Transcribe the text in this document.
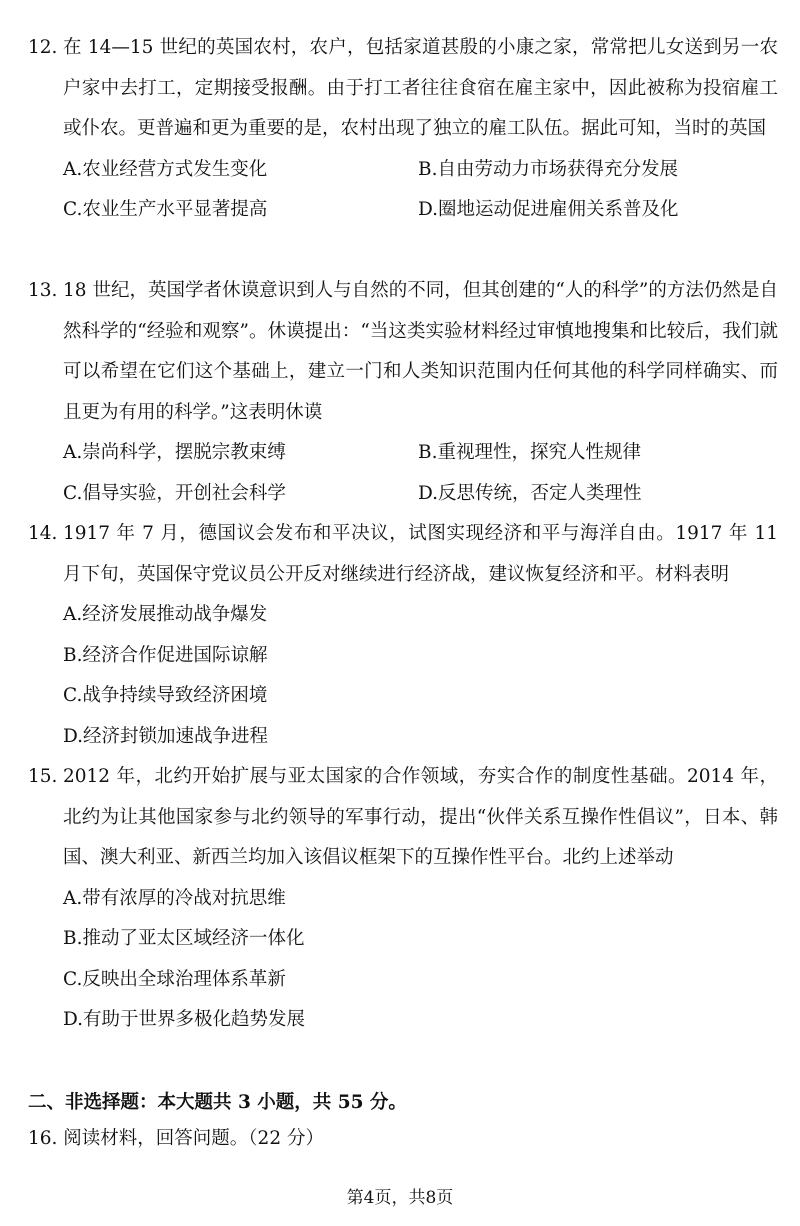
12. 在 14—15 世纪的英国农村，农户，包括家道甚殷的小康之家，常常把儿女送到另一农户家中去打工，定期接受报酬。由于打工者往往食宿在雇主家中，因此被称为投宿雇工或仆农。更普遍和更为重要的是，农村出现了独立的雇工队伍。据此可知，当时的英国

A.农业经营方式发生变化	B.自由劳动力市场获得充分发展
C.农业生产水平显著提高	D.圈地运动促进雇佣关系普及化

13. 18 世纪，英国学者休谟意识到人与自然的不同，但其创建的“人的科学”的方法仍然是自然科学的“经验和观察”。休谟提出：“当这类实验材料经过审慎地搜集和比较后，我们就可以希望在它们这个基础上，建立一门和人类知识范围内任何其他的科学同样确实、而且更为有用的科学。”这表明休谟

A.崇尚科学，摆脱宗教束缚	B.重视理性，探究人性规律
C.倡导实验，开创社会科学	D.反思传统，否定人类理性

14. 1917 年 7 月，德国议会发布和平决议，试图实现经济和平与海洋自由。1917 年 11 月下旬，英国保守党议员公开反对继续进行经济战，建议恢复经济和平。材料表明

A.经济发展推动战争爆发
B.经济合作促进国际谅解
C.战争持续导致经济困境
D.经济封锁加速战争进程

15. 2012 年，北约开始扩展与亚太国家的合作领域，夯实合作的制度性基础。2014 年，北约为让其他国家参与北约领导的军事行动，提出“伙伴关系互操作性倡议”，日本、韩国、澳大利亚、新西兰均加入该倡议框架下的互操作性平台。北约上述举动

A.带有浓厚的冷战对抗思维
B.推动了亚太区域经济一体化
C.反映出全球治理体系革新
D.有助于世界多极化趋势发展
二、非选择题：本大题共 3 小题，共 55 分。
16. 阅读材料，回答问题。（22 分）
第4页，共8页
